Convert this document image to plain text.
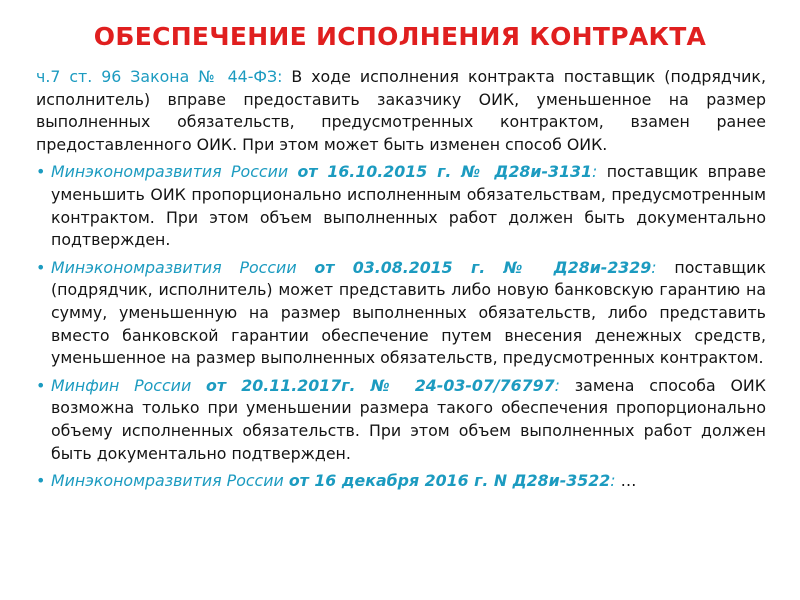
ОБЕСПЕЧЕНИЕ ИСПОЛНЕНИЯ КОНТРАКТА

ч.7 ст. 96 Закона № 44-ФЗ: В ходе исполнения контракта поставщик (подрядчик, исполнитель) вправе предоставить заказчику ОИК, уменьшенное на размер выполненных обязательств, предусмотренных контрактом, взамен ранее предоставленного ОИК. При этом может быть изменен способ ОИК.

• Минэкономразвития России от 16.10.2015 г. № Д28и-3131: поставщик вправе уменьшить ОИК пропорционально исполненным обязательствам, предусмотренным контрактом. При этом объем выполненных работ должен быть документально подтвержден.

• Минэкономразвития России от 03.08.2015 г. № Д28и-2329: поставщик (подрядчик, исполнитель) может представить либо новую банковскую гарантию на сумму, уменьшенную на размер выполненных обязательств, либо представить вместо банковской гарантии обеспечение путем внесения денежных средств, уменьшенное на размер выполненных обязательств, предусмотренных контрактом.

• Минфин России от 20.11.2017г. № 24-03-07/76797: замена способа ОИК возможна только при уменьшении размера такого обеспечения пропорционально объему исполненных обязательств. При этом объем выполненных работ должен быть документально подтвержден.

• Минэкономразвития России от 16 декабря 2016 г. N Д28и-3522: …
